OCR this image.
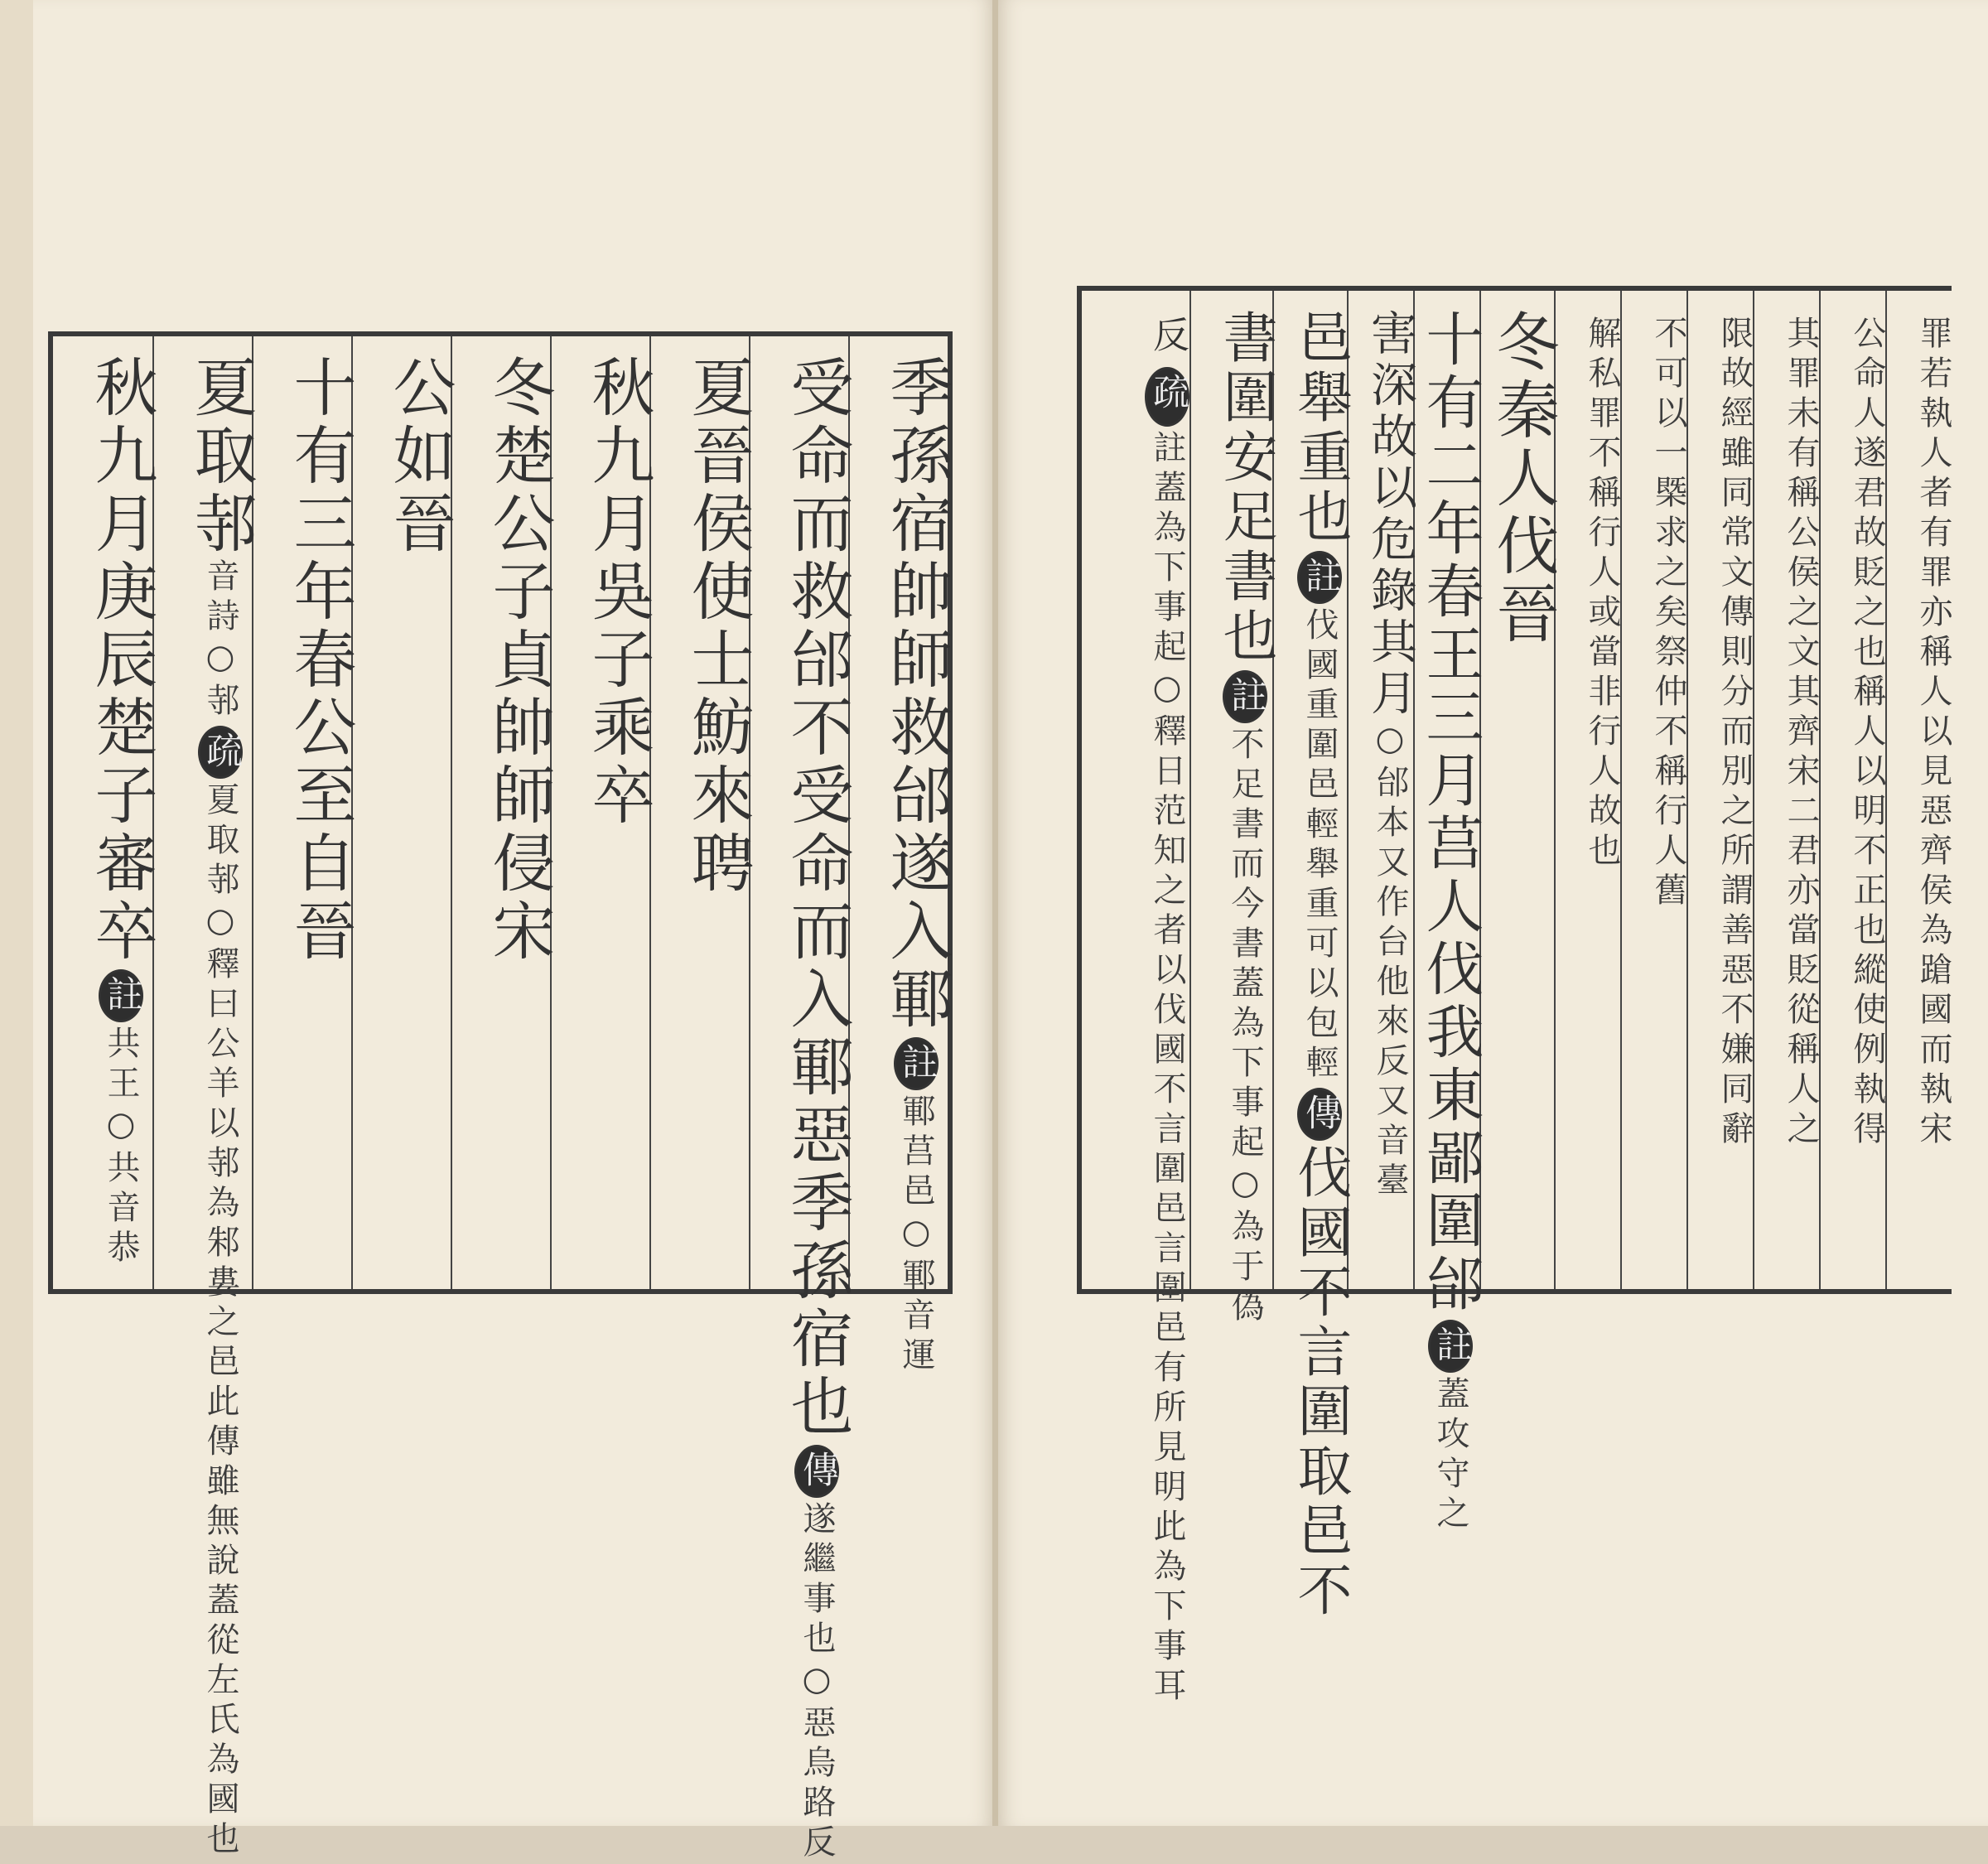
季孫宿帥師救邰遂入鄆註鄆莒邑○鄆音運
受命而救邰不受命而入鄆惡季孫宿也傳遂繼事也○惡烏路反
夏晉侯使士魴來聘
秋九月吳子乘卒
冬楚公子貞帥師侵宋
公如晉
十有三年春公至自晉
夏取邿音詩○邿疏夏取邿○釋曰公羊以邿為邾婁之邑此傳雖無說蓋從左氏為國也
秋九月庚辰楚子審卒註共王○共音恭	罪若執人者有罪亦稱人以見惡齊侯為蹌國而執宋
公命人遂君故貶之也稱人以明不正也縱使例執得
其罪未有稱公侯之文其齊宋二君亦當貶從稱人之
限故經雖同常文傳則分而別之所謂善惡不嫌同辭
不可以一槩求之矣祭仲不稱行人舊
解私罪不稱行人或當非行人故也
冬秦人伐晉
十有二年春王三月莒人伐我東鄙圍邰註蓋攻守之
害深故以危錄其月○邰本又作台他來反又音臺
邑舉重也註伐國重圍邑輕舉重可以包輕傳伐國不言圍取邑不
書圍安足書也註不足書而今書蓋為下事起○為于偽
反疏註蓋為下事起○釋日范知之者以伐國不言圍邑言圍邑有所見明此為下事耳
